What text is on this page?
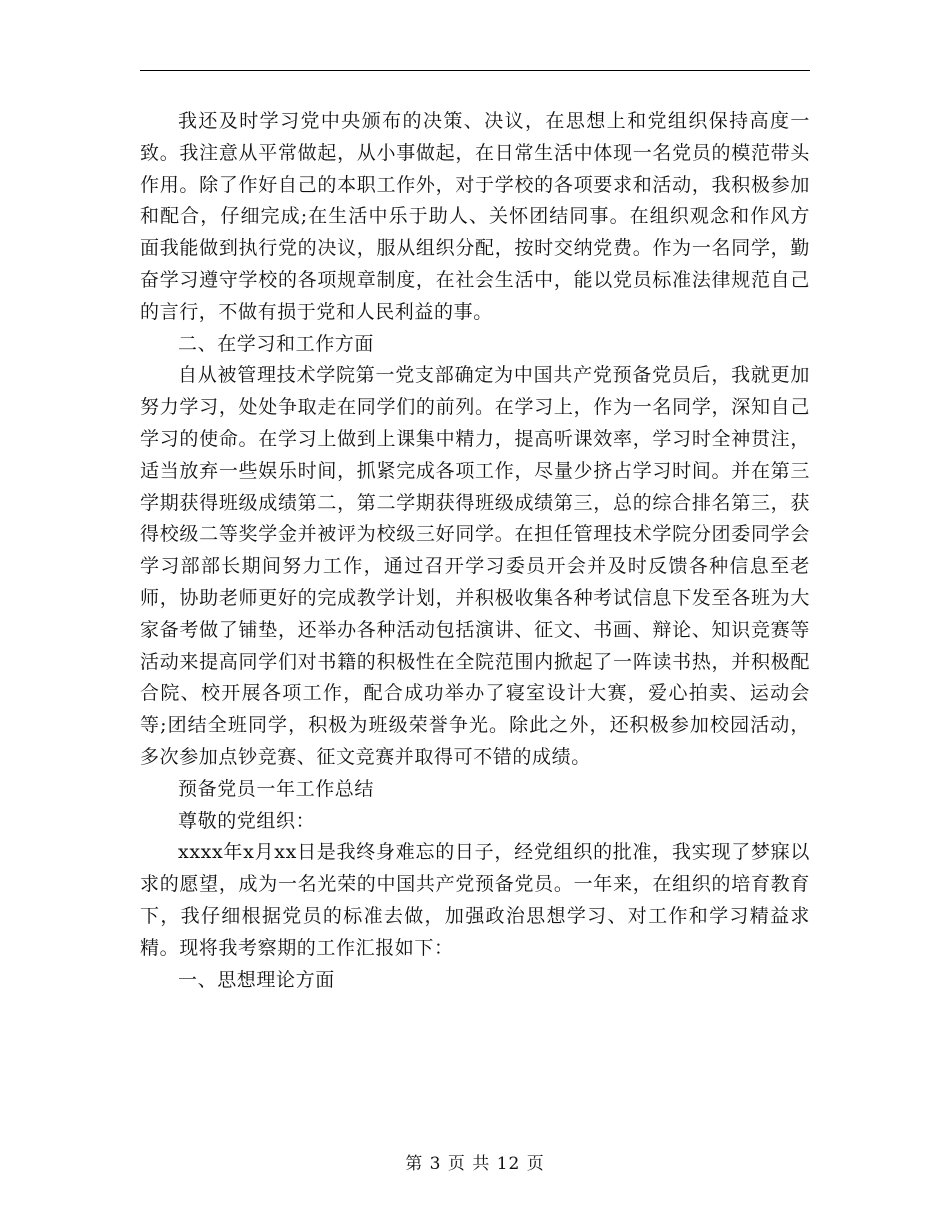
我还及时学习党中央颁布的决策、决议，在思想上和党组织保持高度一致。我注意从平常做起，从小事做起，在日常生活中体现一名党员的模范带头作用。除了作好自己的本职工作外，对于学校的各项要求和活动，我积极参加和配合，仔细完成;在生活中乐于助人、关怀团结同事。在组织观念和作风方面我能做到执行党的决议，服从组织分配，按时交纳党费。作为一名同学，勤奋学习遵守学校的各项规章制度，在社会生活中，能以党员标准法律规范自己的言行，不做有损于党和人民利益的事。

二、在学习和工作方面

自从被管理技术学院第一党支部确定为中国共产党预备党员后，我就更加努力学习，处处争取走在同学们的前列。在学习上，作为一名同学，深知自己学习的使命。在学习上做到上课集中精力，提高听课效率，学习时全神贯注，适当放弃一些娱乐时间，抓紧完成各项工作，尽量少挤占学习时间。并在第三学期获得班级成绩第二，第二学期获得班级成绩第三，总的综合排名第三，获得校级二等奖学金并被评为校级三好同学。在担任管理技术学院分团委同学会学习部部长期间努力工作，通过召开学习委员开会并及时反馈各种信息至老师，协助老师更好的完成教学计划，并积极收集各种考试信息下发至各班为大家备考做了铺垫，还举办各种活动包括演讲、征文、书画、辩论、知识竞赛等活动来提高同学们对书籍的积极性在全院范围内掀起了一阵读书热，并积极配合院、校开展各项工作，配合成功举办了寝室设计大赛，爱心拍卖、运动会等;团结全班同学，积极为班级荣誉争光。除此之外，还积极参加校园活动，多次参加点钞竞赛、征文竞赛并取得可不错的成绩。

预备党员一年工作总结

尊敬的党组织：

xxxx年x月xx日是我终身难忘的日子，经党组织的批准，我实现了梦寐以求的愿望，成为一名光荣的中国共产党预备党员。一年来，在组织的培育教育下，我仔细根据党员的标准去做，加强政治思想学习、对工作和学习精益求精。现将我考察期的工作汇报如下：

一、思想理论方面

第 3 页 共 12 页
